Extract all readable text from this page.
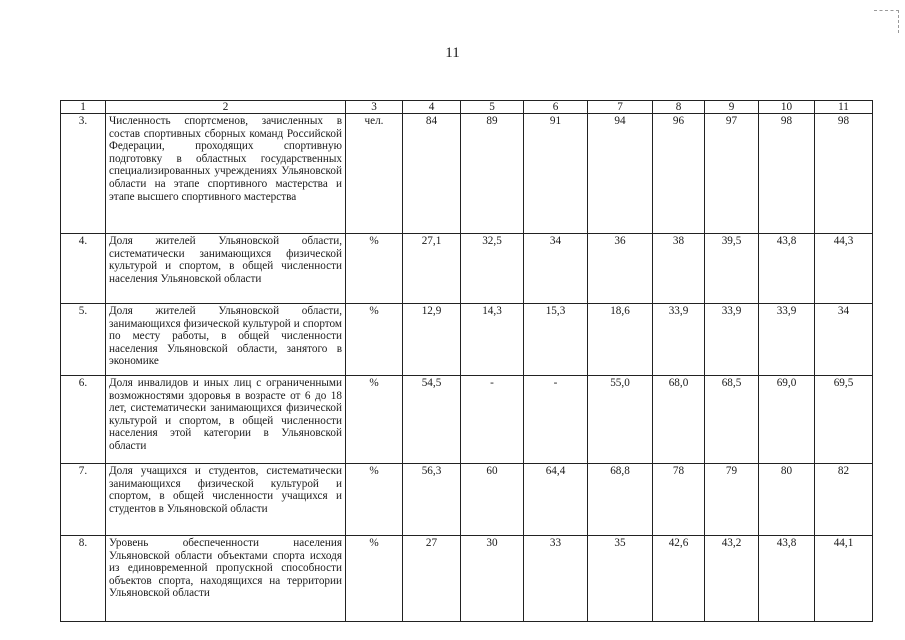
11
1	2	3	4	5	6	7	8	9	10	11
3.	Численность спортсменов, зачисленных в состав спортивных сборных команд Российской Федерации, проходящих спортивную подготовку в областных государственных специализированных учреждениях Ульяновской области на этапе спортивного мастерства и этапе высшего спортивного мастерства	чел.	84	89	91	94	96	97	98	98
4.	Доля жителей Ульяновской области, систематически занимающихся физической культурой и спортом, в общей численности населения Ульяновской области	%	27,1	32,5	34	36	38	39,5	43,8	44,3
5.	Доля жителей Ульяновской области, занимающихся физической культурой и спортом по месту работы, в общей численности населения Ульяновской области, занятого в экономике	%	12,9	14,3	15,3	18,6	33,9	33,9	33,9	34
6.	Доля инвалидов и иных лиц с ограниченными возможностями здоровья в возрасте от 6 до 18 лет, систематически занимающихся физической культурой и спортом, в общей численности населения этой категории в Ульяновской области	%	54,5	-	-	55,0	68,0	68,5	69,0	69,5
7.	Доля учащихся и студентов, систематически занимающихся физической культурой и спортом, в общей численности учащихся и студентов в Ульяновской области	%	56,3	60	64,4	68,8	78	79	80	82
8.	Уровень обеспеченности населения Ульяновской области объектами спорта исходя из единовременной пропускной способности объектов спорта, находящихся на территории Ульяновской области	%	27	30	33	35	42,6	43,2	43,8	44,1
